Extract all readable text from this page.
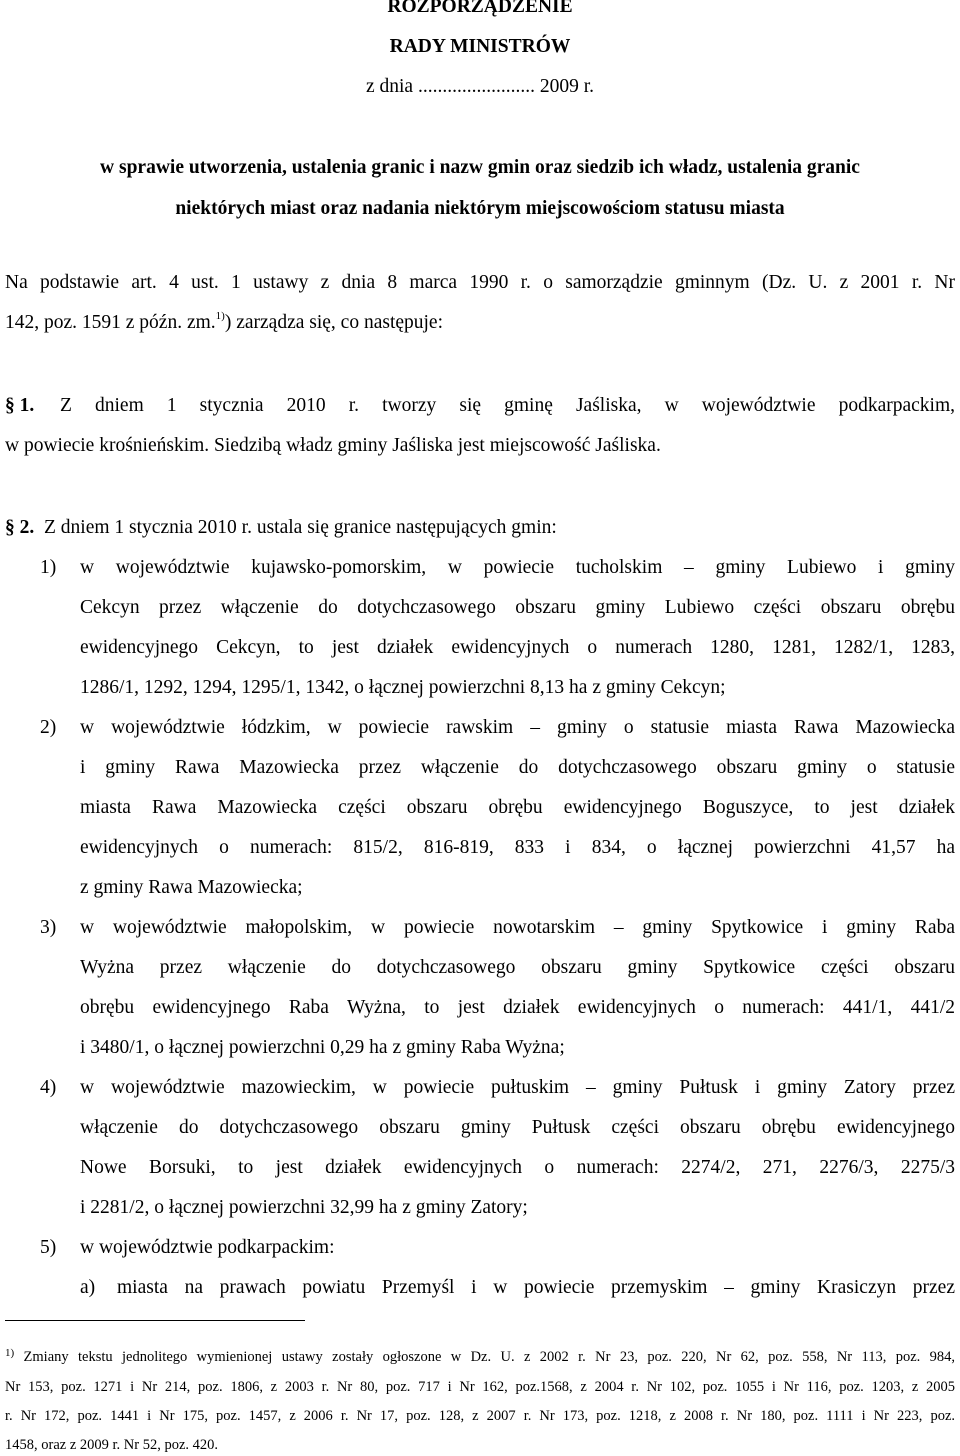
ROZPORZĄDZENIE
RADY MINISTRÓW
z dnia ........................ 2009 r.
w sprawie utworzenia, ustalenia granic i nazw gmin oraz siedzib ich władz, ustalenia granic
niektórych miast oraz nadania niektórym miejscowościom statusu miasta
Na podstawie art. 4 ust. 1 ustawy z dnia 8 marca 1990 r. o samorządzie gminnym (Dz. U. z 2001 r. Nr
142, poz. 1591 z późn. zm.$^{1)}$) zarządza się, co następuje:
§ 1. Z dniem 1 stycznia 2010 r. tworzy się gminę Jaśliska, w województwie podkarpackim,
w powiecie krośnieńskim. Siedzibą władz gminy Jaśliska jest miejscowość Jaśliska.
§ 2. Z dniem 1 stycznia 2010 r. ustala się granice następujących gmin:
1) w województwie kujawsko-pomorskim, w powiecie tucholskim – gminy Lubiewo i gminy
Cekcyn przez włączenie do dotychczasowego obszaru gminy Lubiewo części obszaru obrębu
ewidencyjnego Cekcyn, to jest działek ewidencyjnych o numerach 1280, 1281, 1282/1, 1283,
1286/1, 1292, 1294, 1295/1, 1342, o łącznej powierzchni 8,13 ha z gminy Cekcyn;
2) w województwie łódzkim, w powiecie rawskim – gminy o statusie miasta Rawa Mazowiecka
i gminy Rawa Mazowiecka przez włączenie do dotychczasowego obszaru gminy o statusie
miasta Rawa Mazowiecka części obszaru obrębu ewidencyjnego Boguszyce, to jest działek
ewidencyjnych o numerach: 815/2, 816-819, 833 i 834, o łącznej powierzchni 41,57 ha
z gminy Rawa Mazowiecka;
3) w województwie małopolskim, w powiecie nowotarskim – gminy Spytkowice i gminy Raba
Wyżna przez włączenie do dotychczasowego obszaru gminy Spytkowice części obszaru
obrębu ewidencyjnego Raba Wyżna, to jest działek ewidencyjnych o numerach: 441/1, 441/2
i 3480/1, o łącznej powierzchni 0,29 ha z gminy Raba Wyżna;
4) w województwie mazowieckim, w powiecie pułtuskim – gminy Pułtusk i gminy Zatory przez
włączenie do dotychczasowego obszaru gminy Pułtusk części obszaru obrębu ewidencyjnego
Nowe Borsuki, to jest działek ewidencyjnych o numerach: 2274/2, 271, 2276/3, 2275/3
i 2281/2, o łącznej powierzchni 32,99 ha z gminy Zatory;
5) w województwie podkarpackim:
a) miasta na prawach powiatu Przemyśl i w powiecie przemyskim – gminy Krasiczyn przez
$^{1)}$ Zmiany tekstu jednolitego wymienionej ustawy zostały ogłoszone w Dz. U. z 2002 r. Nr 23, poz. 220, Nr 62, poz. 558, Nr 113, poz. 984,
Nr 153, poz. 1271 i Nr 214, poz. 1806, z 2003 r. Nr 80, poz. 717 i Nr 162, poz.1568, z 2004 r. Nr 102, poz. 1055 i Nr 116, poz. 1203, z 2005
r. Nr 172, poz. 1441 i Nr 175, poz. 1457, z 2006 r. Nr 17, poz. 128, z 2007 r. Nr 173, poz. 1218, z 2008 r. Nr 180, poz. 1111 i Nr 223, poz.
1458, oraz z 2009 r. Nr 52, poz. 420.
